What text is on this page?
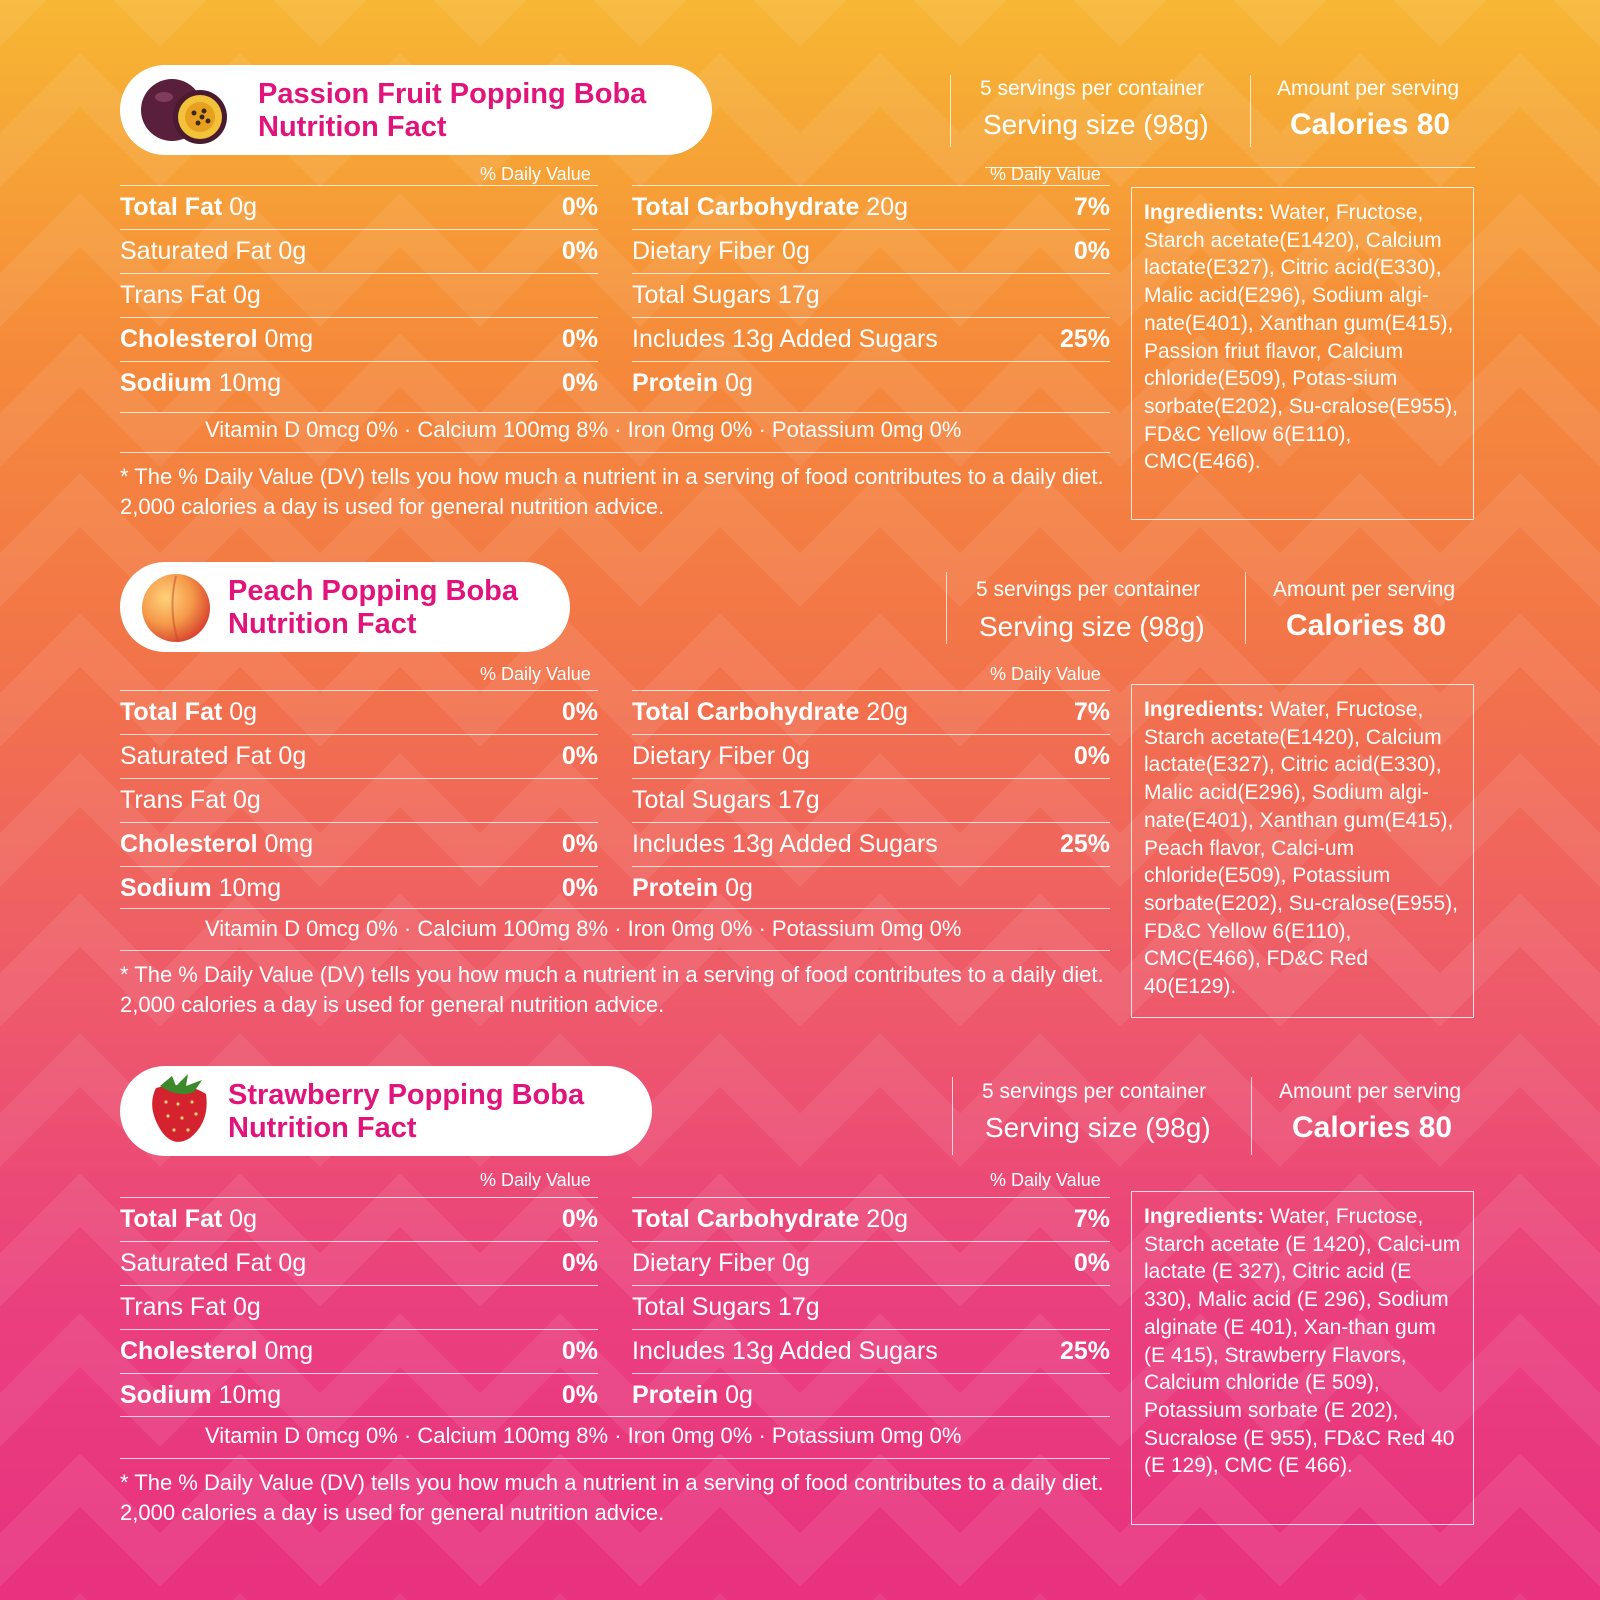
Passion Fruit Popping Boba
Nutrition Fact
5 servings per container
Serving size (98g)
Amount per serving
Calories 80
% Daily Value	% Daily Value
Total Fat 0g	0%
Saturated Fat 0g	0%
Trans Fat 0g
Cholesterol 0mg	0%
Sodium 10mg	0%
Total Carbohydrate 20g	7%
Dietary Fiber 0g	0%
Total Sugars 17g
Includes 13g Added Sugars	25%
Protein 0g
Vitamin D 0mcg 0% · Calcium 100mg 8% · Iron 0mg 0% · Potassium 0mg 0%
* The % Daily Value (DV) tells you how much a nutrient in a serving of food contributes to a daily diet. 2,000 calories a day is used for general nutrition advice.
Ingredients: Water, Fructose, Starch acetate(E1420), Calcium lactate(E327), Citric acid(E330), Malic acid(E296), Sodium algi-nate(E401), Xanthan gum(E415), Passion friut flavor, Calcium chloride(E509), Potas-sium sorbate(E202), Su-cralose(E955), FD&C Yellow 6(E110), CMC(E466).
Peach Popping Boba
Nutrition Fact
5 servings per container
Serving size (98g)
Amount per serving
Calories 80
% Daily Value	% Daily Value
Total Fat 0g	0%
Saturated Fat 0g	0%
Trans Fat 0g
Cholesterol 0mg	0%
Sodium 10mg	0%
Total Carbohydrate 20g	7%
Dietary Fiber 0g	0%
Total Sugars 17g
Includes 13g Added Sugars	25%
Protein 0g
Vitamin D 0mcg 0% · Calcium 100mg 8% · Iron 0mg 0% · Potassium 0mg 0%
* The % Daily Value (DV) tells you how much a nutrient in a serving of food contributes to a daily diet. 2,000 calories a day is used for general nutrition advice.
Ingredients: Water, Fructose, Starch acetate(E1420), Calcium lactate(E327), Citric acid(E330), Malic acid(E296), Sodium algi-nate(E401), Xanthan gum(E415), Peach flavor, Calci-um chloride(E509), Potassium sorbate(E202), Su-cralose(E955), FD&C Yellow 6(E110), CMC(E466), FD&C Red 40(E129).
Strawberry Popping Boba
Nutrition Fact
5 servings per container
Serving size (98g)
Amount per serving
Calories 80
% Daily Value	% Daily Value
Total Fat 0g	0%
Saturated Fat 0g	0%
Trans Fat 0g
Cholesterol 0mg	0%
Sodium 10mg	0%
Total Carbohydrate 20g	7%
Dietary Fiber 0g	0%
Total Sugars 17g
Includes 13g Added Sugars	25%
Protein 0g
Vitamin D 0mcg 0% · Calcium 100mg 8% · Iron 0mg 0% · Potassium 0mg 0%
* The % Daily Value (DV) tells you how much a nutrient in a serving of food contributes to a daily diet. 2,000 calories a day is used for general nutrition advice.
Ingredients: Water, Fructose, Starch acetate (E 1420), Calci-um lactate (E 327), Citric acid (E 330), Malic acid (E 296), Sodium alginate (E 401), Xan-than gum (E 415), Strawberry Flavors, Calcium chloride (E 509), Potassium sorbate (E 202), Sucralose (E 955), FD&C Red 40 (E 129), CMC (E 466).
